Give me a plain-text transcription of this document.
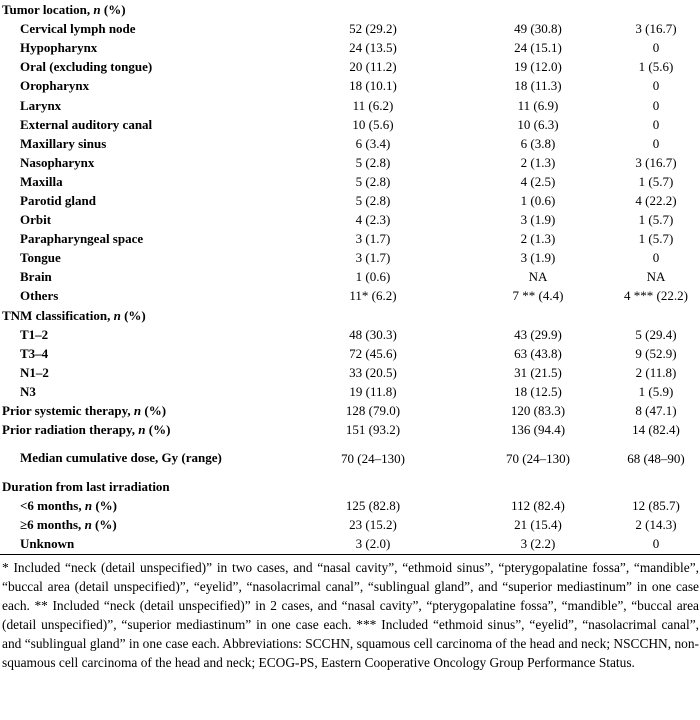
Tumor location, n (%)			
Cervical lymph node	52 (29.2)	49 (30.8)	3 (16.7)
Hypopharynx	24 (13.5)	24 (15.1)	0
Oral (excluding tongue)	20 (11.2)	19 (12.0)	1 (5.6)
Oropharynx	18 (10.1)	18 (11.3)	0
Larynx	11 (6.2)	11 (6.9)	0
External auditory canal	10 (5.6)	10 (6.3)	0
Maxillary sinus	6 (3.4)	6 (3.8)	0
Nasopharynx	5 (2.8)	2 (1.3)	3 (16.7)
Maxilla	5 (2.8)	4 (2.5)	1 (5.7)
Parotid gland	5 (2.8)	1 (0.6)	4 (22.2)
Orbit	4 (2.3)	3 (1.9)	1 (5.7)
Parapharyngeal space	3 (1.7)	2 (1.3)	1 (5.7)
Tongue	3 (1.7)	3 (1.9)	0
Brain	1 (0.6)	NA	NA
Others	11* (6.2)	7 ** (4.4)	4 *** (22.2)
TNM classification, n (%)			
T1–2	48 (30.3)	43 (29.9)	5 (29.4)
T3–4	72 (45.6)	63 (43.8)	9 (52.9)
N1–2	33 (20.5)	31 (21.5)	2 (11.8)
N3	19 (11.8)	18 (12.5)	1 (5.9)
Prior systemic therapy, n (%)	128 (79.0)	120 (83.3)	8 (47.1)
Prior radiation therapy, n (%)	151 (93.2)	136 (94.4)	14 (82.4)
Median cumulative dose, Gy (range)	70 (24–130)	70 (24–130)	68 (48–90)
Duration from last irradiation			
<6 months, n (%)	125 (82.8)	112 (82.4)	12 (85.7)
≥6 months, n (%)	23 (15.2)	21 (15.4)	2 (14.3)
Unknown	3 (2.0)	3 (2.2)	0

* Included “neck (detail unspecified)” in two cases, and “nasal cavity”, “ethmoid sinus”, “pterygopalatine fossa”, “mandible”, “buccal area (detail unspecified)”, “eyelid”, “nasolacrimal canal”, “sublingual gland”, and “superior mediastinum” in one case each. ** Included “neck (detail unspecified)” in 2 cases, and “nasal cavity”, “pterygopalatine fossa”, “mandible”, “buccal area (detail unspecified)”, “superior mediastinum” in one case each. *** Included “ethmoid sinus”, “eyelid”, “nasolacrimal canal”, and “sublingual gland” in one case each. Abbreviations: SCCHN, squamous cell carcinoma of the head and neck; NSCCHN, non-squamous cell carcinoma of the head and neck; ECOG-PS, Eastern Cooperative Oncology Group Performance Status.
